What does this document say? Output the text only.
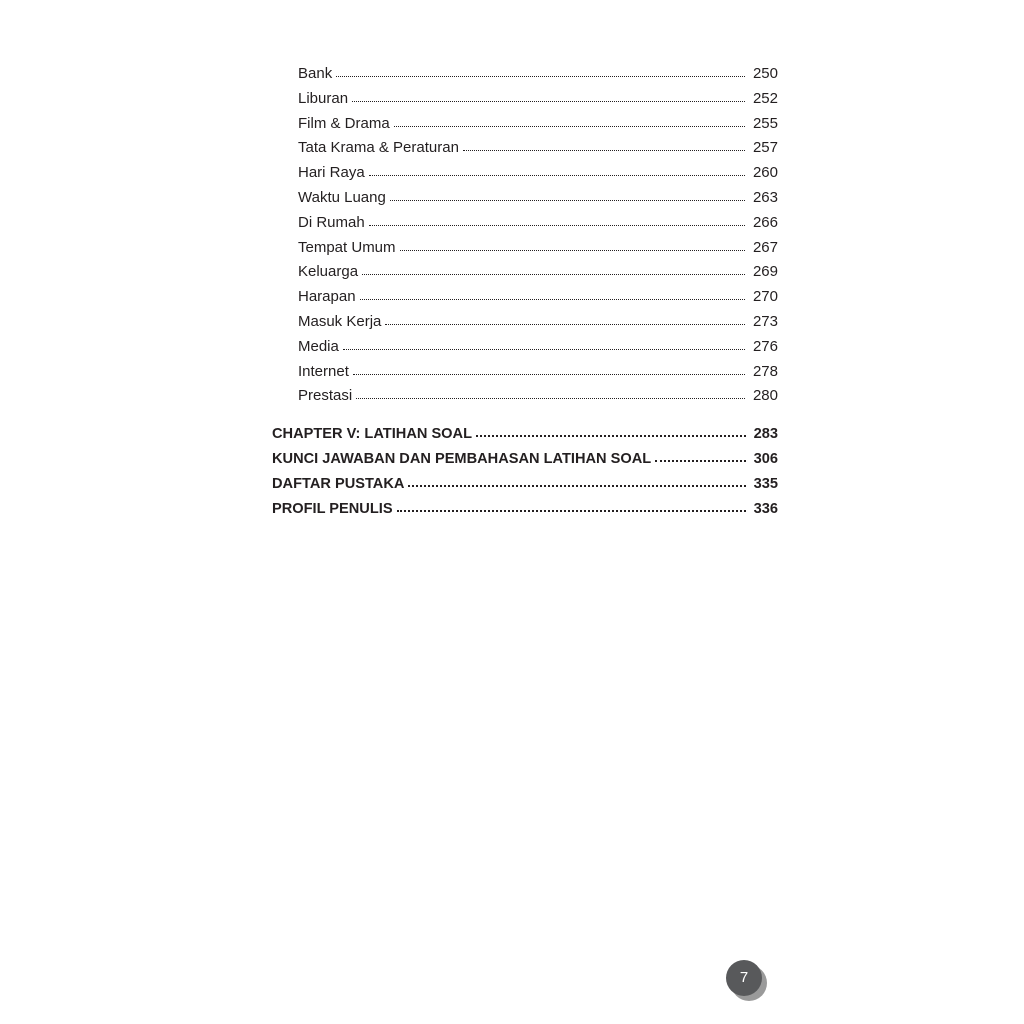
Bank	250
Liburan	252
Film & Drama	255
Tata Krama & Peraturan	257
Hari Raya	260
Waktu Luang	263
Di Rumah	266
Tempat Umum	267
Keluarga	269
Harapan	270
Masuk Kerja	273
Media	276
Internet	278
Prestasi	280
CHAPTER V: LATIHAN SOAL	283
KUNCI JAWABAN DAN PEMBAHASAN LATIHAN SOAL	306
DAFTAR PUSTAKA	335
PROFIL PENULIS	336
7
